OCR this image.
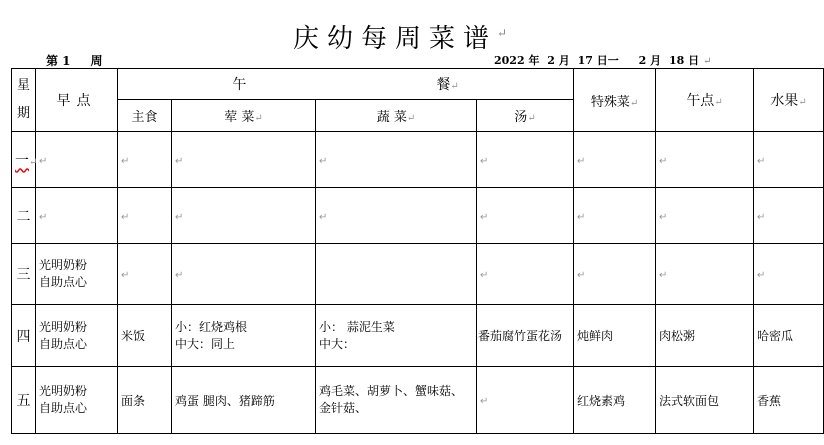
庆幼每周菜谱↵
第 1 周	2022 年 2 月 17 日一 2 月 18 日 ↵
星
期	早点	午 餐↵				特殊菜↵	午点↵	水果↵
		主食	荤 菜↵	蔬 菜↵	汤↵			
一↵	↵	↵	↵	↵	↵	↵	↵	↵
二	↵	↵	↵	↵	↵	↵	↵	↵
三	光明奶粉
自助点心	↵	↵		↵	↵	↵	↵
四	光明奶粉
自助点心	米饭	小：红烧鸡根
中大：同上	小： 蒜泥生菜
中大：	番茄腐竹蛋花汤	炖鲜肉	肉松粥	哈密瓜
五	光明奶粉
自助点心	面条	鸡蛋 腿肉、猪蹄筋	鸡毛菜、胡萝卜、蟹味菇、
金针菇、	↵	红烧素鸡	法式软面包	香蕉
